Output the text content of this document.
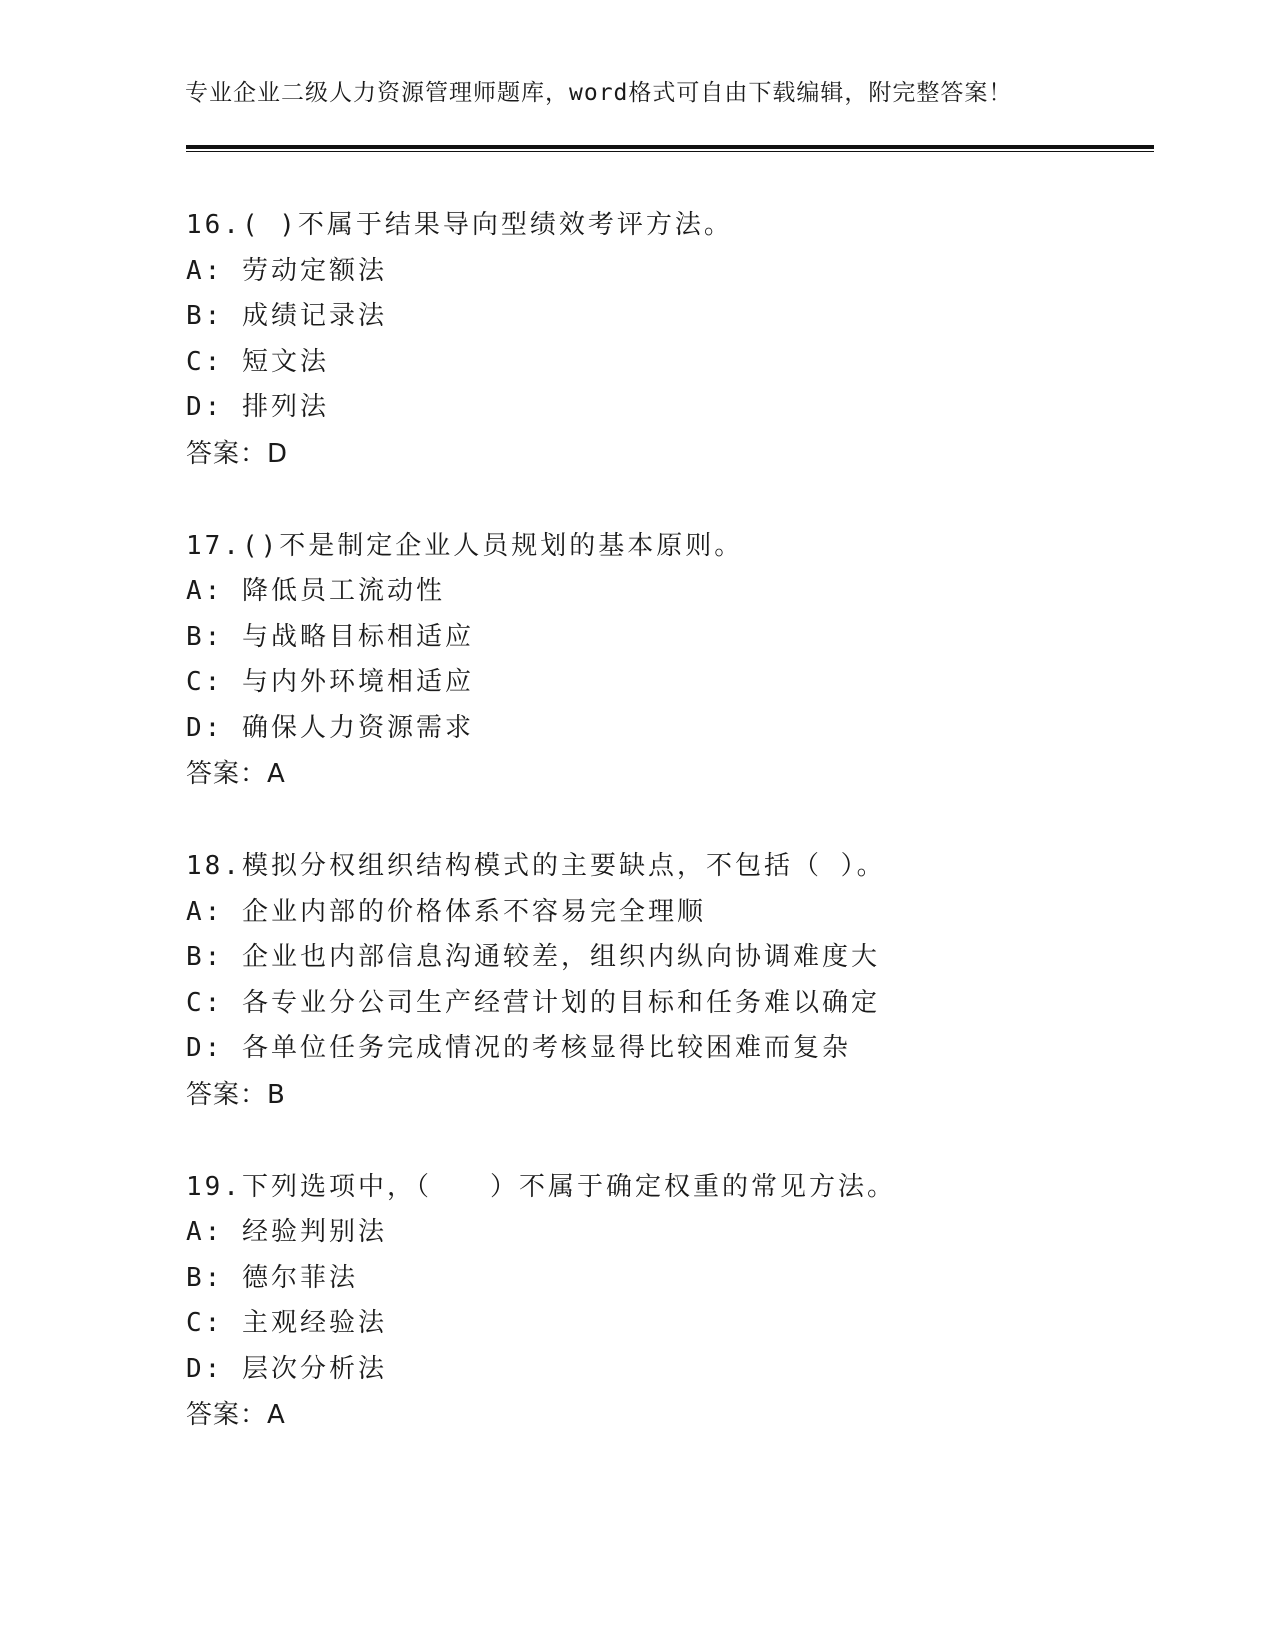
专业企业二级人力资源管理师题库，word格式可自由下载编辑，附完整答案！
16.( )不属于结果导向型绩效考评方法。
A: 劳动定额法
B: 成绩记录法
C: 短文法
D: 排列法
答案：D
17.()不是制定企业人员规划的基本原则。
A: 降低员工流动性
B: 与战略目标相适应
C: 与内外环境相适应
D: 确保人力资源需求
答案：A
18.模拟分权组织结构模式的主要缺点，不包括（ ）。
A: 企业内部的价格体系不容易完全理顺
B: 企业也内部信息沟通较差，组织内纵向协调难度大
C: 各专业分公司生产经营计划的目标和任务难以确定
D: 各单位任务完成情况的考核显得比较困难而复杂
答案：B
19.下列选项中，（　　）不属于确定权重的常见方法。
A: 经验判别法
B: 德尔菲法
C: 主观经验法
D: 层次分析法
答案：A
